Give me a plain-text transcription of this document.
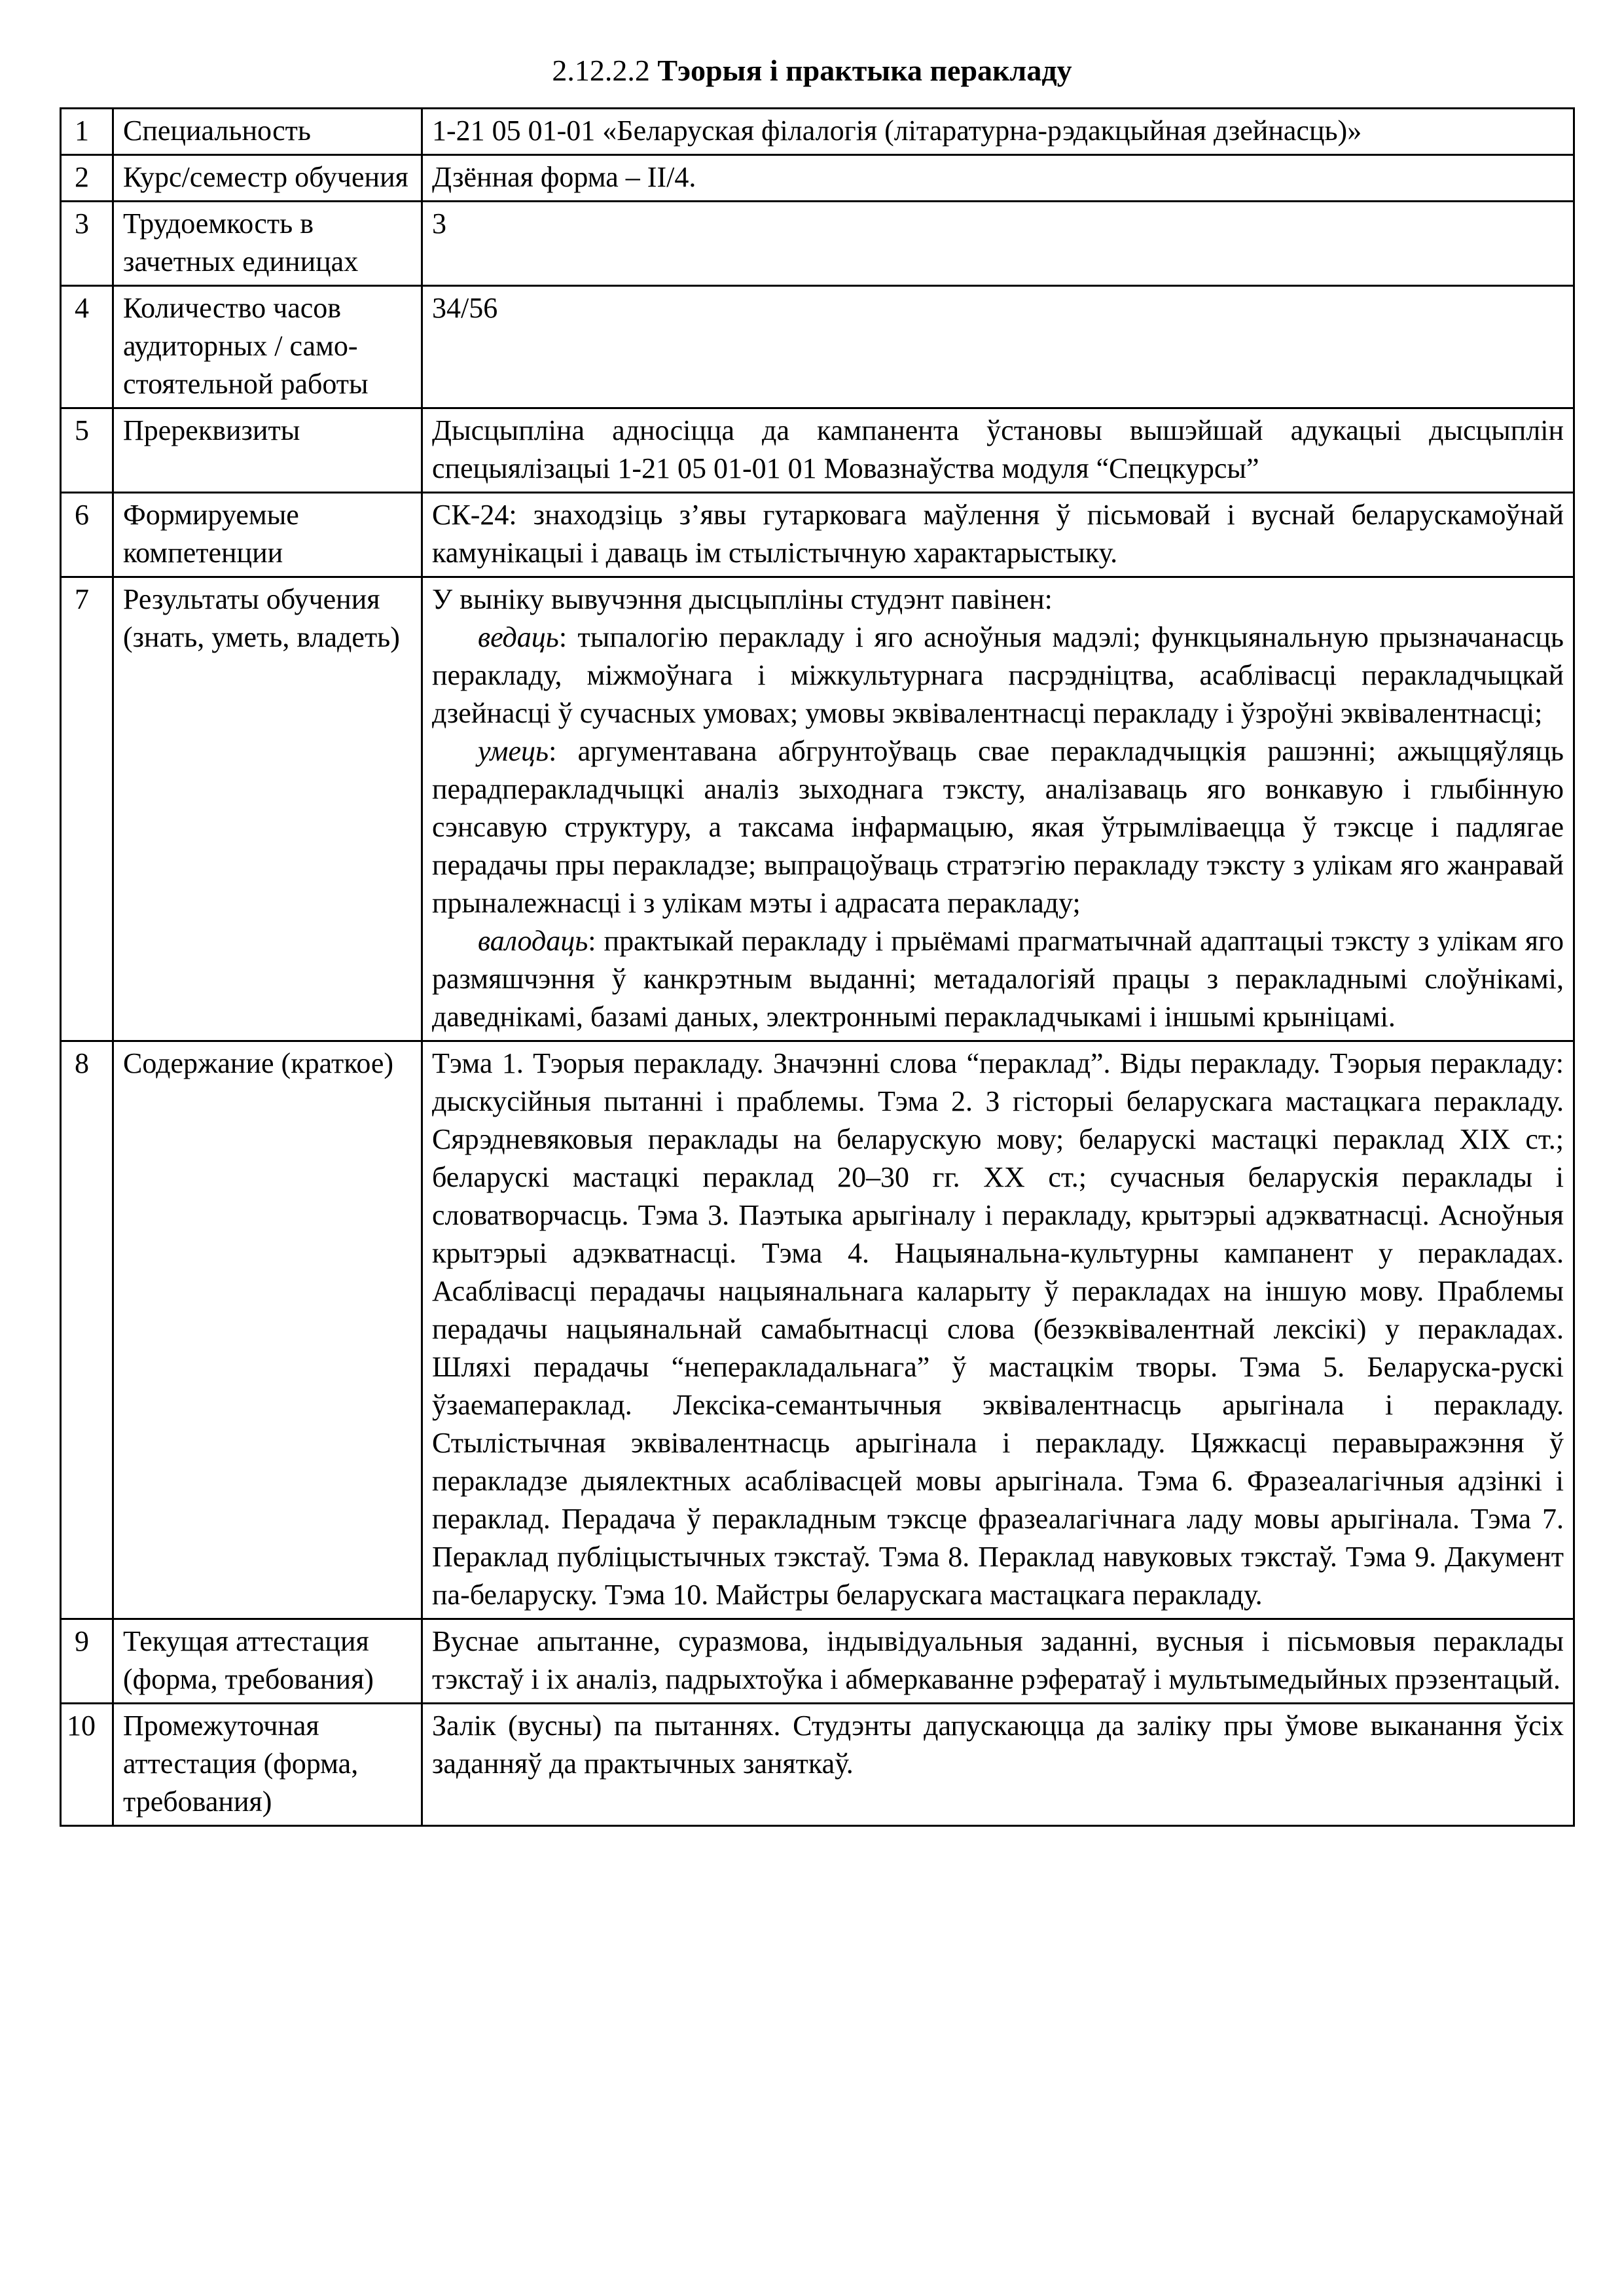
2.12.2.2 Тэорыя і практыка перакладу
1	Специальность	1-21 05 01-01 «Беларуская філалогія (літаратурна-рэдакцыйная дзейнасць)»
2	Курс/семестр обучения	Дзённая форма – ІІ/4.
3	Трудоемкость в зачетных единицах	3
4	Количество часов аудиторных / само-стоятельной работы	34/56
5	Пререквизиты	Дысцыпліна адносіцца да кампанента ўстановы вышэйшай адукацыі дысцыплін спецыялізацыі 1-21 05 01-01 01 Мовазнаўства модуля “Спецкурсы”
6	Формируемые компетенции	СК-24: знаходзіць з’явы гутарковага маўлення ў пісьмовай і вуснай беларускамоўнай камунікацыі і даваць ім стылістычную характарыстыку.
7	Результаты обучения (знать, уметь, владеть)	У выніку вывучэння дысцыпліны студэнт павінен:

ведаць: тыпалогію перакладу і яго асноўныя мадэлі; функцыянальную прызначанасць перакладу, міжмоўнага і міжкультурнага пасрэдніцтва, асаблівасці перакладчыцкай дзейнасці ў сучасных умовах; умовы эквівалентнасці перакладу і ўзроўні эквівалентнасці;

умець: аргументавана абгрунтоўваць свае перакладчыцкія рашэнні; ажыццяўляць перадперакладчыцкі аналіз зыходнага тэксту, аналізаваць яго вонкавую і глыбінную сэнсавую структуру, а таксама інфармацыю, якая ўтрымліваецца ў тэксце і падлягае перадачы пры перакладзе; выпрацоўваць стратэгію перакладу тэксту з улікам яго жанравай прыналежнасці і з улікам мэты і адрасата перакладу;

валодаць: практыкай перакладу і прыёмамі прагматычнай адаптацыі тэксту з улікам яго размяшчэння ў канкрэтным выданні; метадалогіяй працы з перакладнымі слоўнікамі, даведнікамі, базамі даных, электроннымі перакладчыкамі і іншымі крыніцамі.

8	Содержание (краткое)	Тэма 1. Тэорыя перакладу. Значэнні слова “пераклад”. Віды перакладу. Тэорыя перакладу: дыскусійныя пытанні і праблемы. Тэма 2. З гісторыі беларускага мастацкага перакладу. Сярэдневяковыя пераклады на беларускую мову; беларускі мастацкі пераклад XIX ст.; беларускі мастацкі пераклад 20–30 гг. XX ст.; сучасныя беларускія пераклады і словатворчасць. Тэма 3. Паэтыка арыгіналу і перакладу, крытэрыі адэкватнасці. Асноўныя крытэрыі адэкватнасці. Тэма 4. Нацыянальна-культурны кампанент у перакладах. Асаблівасці перадачы нацыянальнага каларыту ў перакладах на іншую мову. Праблемы перадачы нацыянальнай самабытнасці слова (безэквівалентнай лексікі) у перакладах. Шляхі перадачы “неперакладальнага” ў мастацкім творы. Тэма 5. Беларуска-рускі ўзаемапераклад. Лексіка-семантычныя эквівалентнасць арыгінала і перакладу. Стылістычная эквівалентнасць арыгінала і перакладу. Цяжкасці перавыражэння ў перакладзе дыялектных асаблівасцей мовы арыгінала. Тэма 6. Фразеалагічныя адзінкі і пераклад. Перадача ў перакладным тэксце фразеалагічнага ладу мовы арыгінала. Тэма 7. Пераклад публіцыстычных тэкстаў. Тэма 8. Пераклад навуковых тэкстаў. Тэма 9. Дакумент па-беларуску. Тэма 10. Майстры беларускага мастацкага перакладу.
9	Текущая аттестация (форма, требования)	Вуснае апытанне, суразмова, індывідуальныя заданні, вусныя і пісьмовыя пераклады тэкстаў і іх аналіз, падрыхтоўка і абмеркаванне рэфератаў і мультымедыйных прэзентацый.
10	Промежуточная аттестация (форма, требования)	Залік (вусны) па пытаннях. Студэнты дапускаюцца да заліку пры ўмове выканання ўсіх заданняў да практычных заняткаў.
